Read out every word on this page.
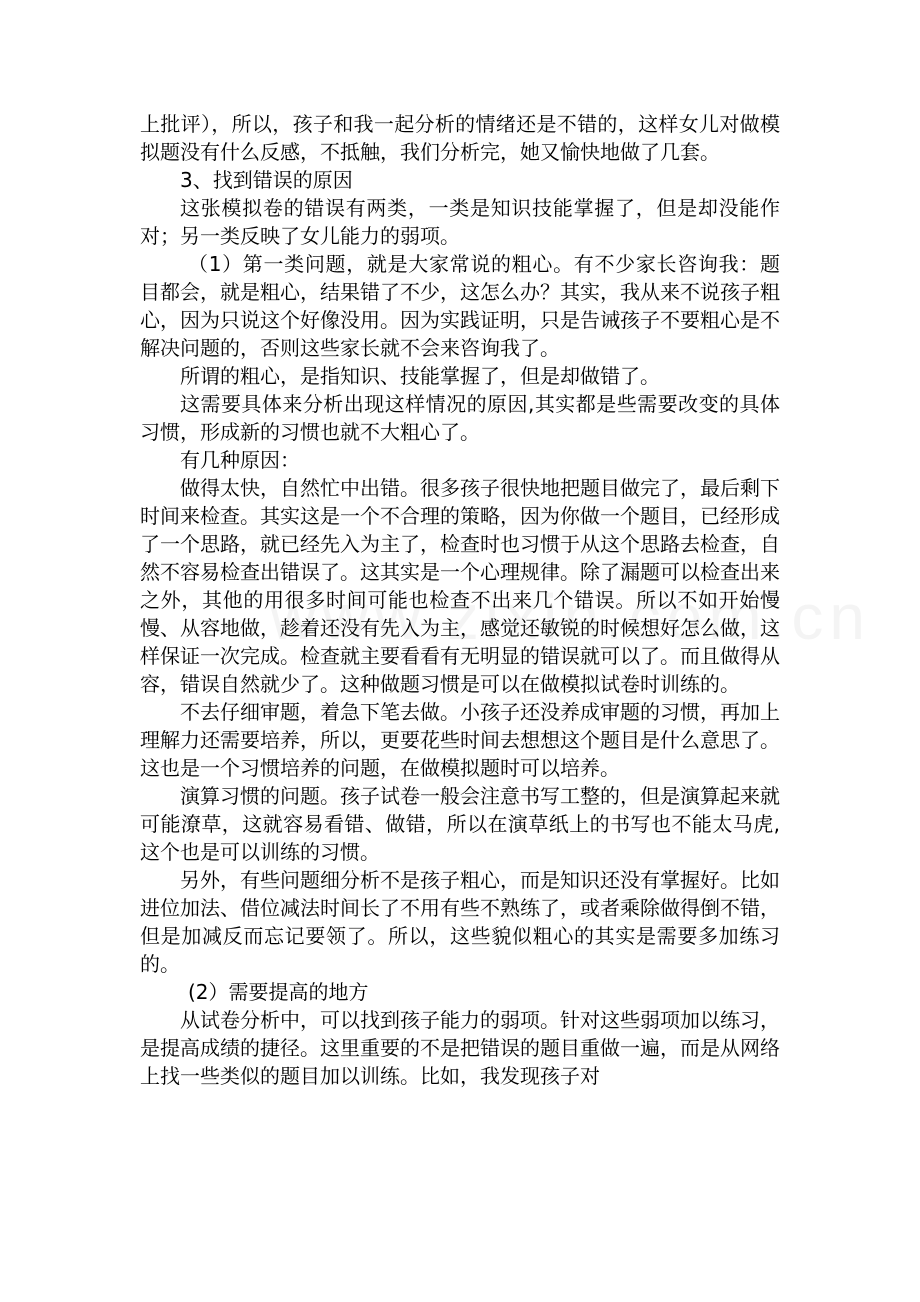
上批评），所以，孩子和我一起分析的情绪还是不错的，这样女儿对做模拟题没有什么反感，不抵触，我们分析完，她又愉快地做了几套。

3、找到错误的原因

这张模拟卷的错误有两类，一类是知识技能掌握了，但是却没能作对；另一类反映了女儿能力的弱项。

（1）第一类问题，就是大家常说的粗心。有不少家长咨询我：题目都会，就是粗心，结果错了不少，这怎么办？其实，我从来不说孩子粗心，因为只说这个好像没用。因为实践证明，只是告诫孩子不要粗心是不解决问题的，否则这些家长就不会来咨询我了。

所谓的粗心，是指知识、技能掌握了，但是却做错了。

这需要具体来分析出现这样情况的原因,其实都是些需要改变的具体习惯，形成新的习惯也就不大粗心了。

有几种原因：

做得太快，自然忙中出错。很多孩子很快地把题目做完了，最后剩下时间来检查。其实这是一个不合理的策略，因为你做一个题目，已经形成了一个思路，就已经先入为主了，检查时也习惯于从这个思路去检查，自然不容易检查出错误了。这其实是一个心理规律。除了漏题可以检查出来之外，其他的用很多时间可能也检查不出来几个错误。所以不如开始慢慢、从容地做，趁着还没有先入为主，感觉还敏锐的时候想好怎么做，这样保证一次完成。检查就主要看看有无明显的错误就可以了。而且做得从容，错误自然就少了。这种做题习惯是可以在做模拟试卷时训练的。

不去仔细审题，着急下笔去做。小孩子还没养成审题的习惯，再加上理解力还需要培养，所以，更要花些时间去想想这个题目是什么意思了。这也是一个习惯培养的问题，在做模拟题时可以培养。

演算习惯的问题。孩子试卷一般会注意书写工整的，但是演算起来就可能潦草，这就容易看错、做错，所以在演草纸上的书写也不能太马虎,这个也是可以训练的习惯。

另外，有些问题细分析不是孩子粗心，而是知识还没有掌握好。比如进位加法、借位减法时间长了不用有些不熟练了，或者乘除做得倒不错，但是加减反而忘记要领了。所以，这些貌似粗心的其实是需要多加练习的。

(2）需要提高的地方

从试卷分析中，可以找到孩子能力的弱项。针对这些弱项加以练习，是提高成绩的捷径。这里重要的不是把错误的题目重做一遍，而是从网络上找一些类似的题目加以训练。比如，我发现孩子对
